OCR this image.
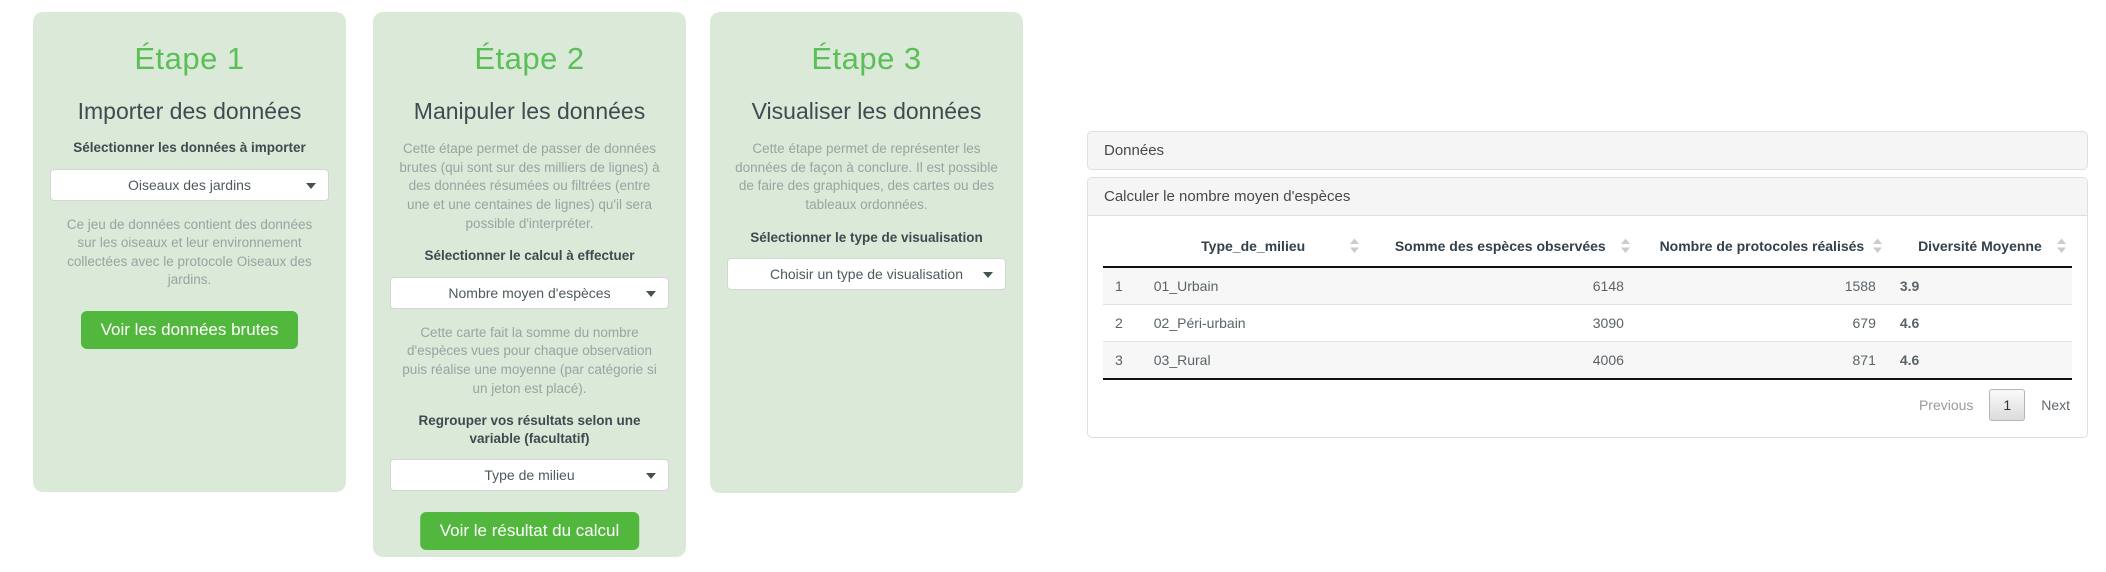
Étape 1
Importer des données
Sélectionner les données à importer
Oiseaux des jardins

Ce jeu de données contient des données sur les oiseaux et leur environnement collectées avec le protocole Oiseaux des jardins.

Voir les données brutes
Étape 2
Manipuler les données

Cette étape permet de passer de données brutes (qui sont sur des milliers de lignes) à des données résumées ou filtrées (entre une et une centaines de lignes) qu'il sera possible d'interpréter.

Sélectionner le calcul à effectuer
Nombre moyen d'espèces

Cette carte fait la somme du nombre d'espèces vues pour chaque observation puis réalise une moyenne (par catégorie si un jeton est placé).

Regrouper vos résultats selon une variable (facultatif)
Type de milieu
Voir le résultat du calcul
Étape 3
Visualiser les données

Cette étape permet de représenter les données de façon à conclure. Il est possible de faire des graphiques, des cartes ou des tableaux ordonnées.

Sélectionner le type de visualisation
Choisir un type de visualisation
Données
Calculer le nombre moyen d'espèces
	Type_de_milieu	Somme des espèces observées	Nombre de protocoles réalisés	Diversité Moyenne

1	01_Urbain	6148	1588	3.9
2	02_Péri-urbain	3090	679	4.6
3	03_Rural	4006	871	4.6
Previous 1 Next
